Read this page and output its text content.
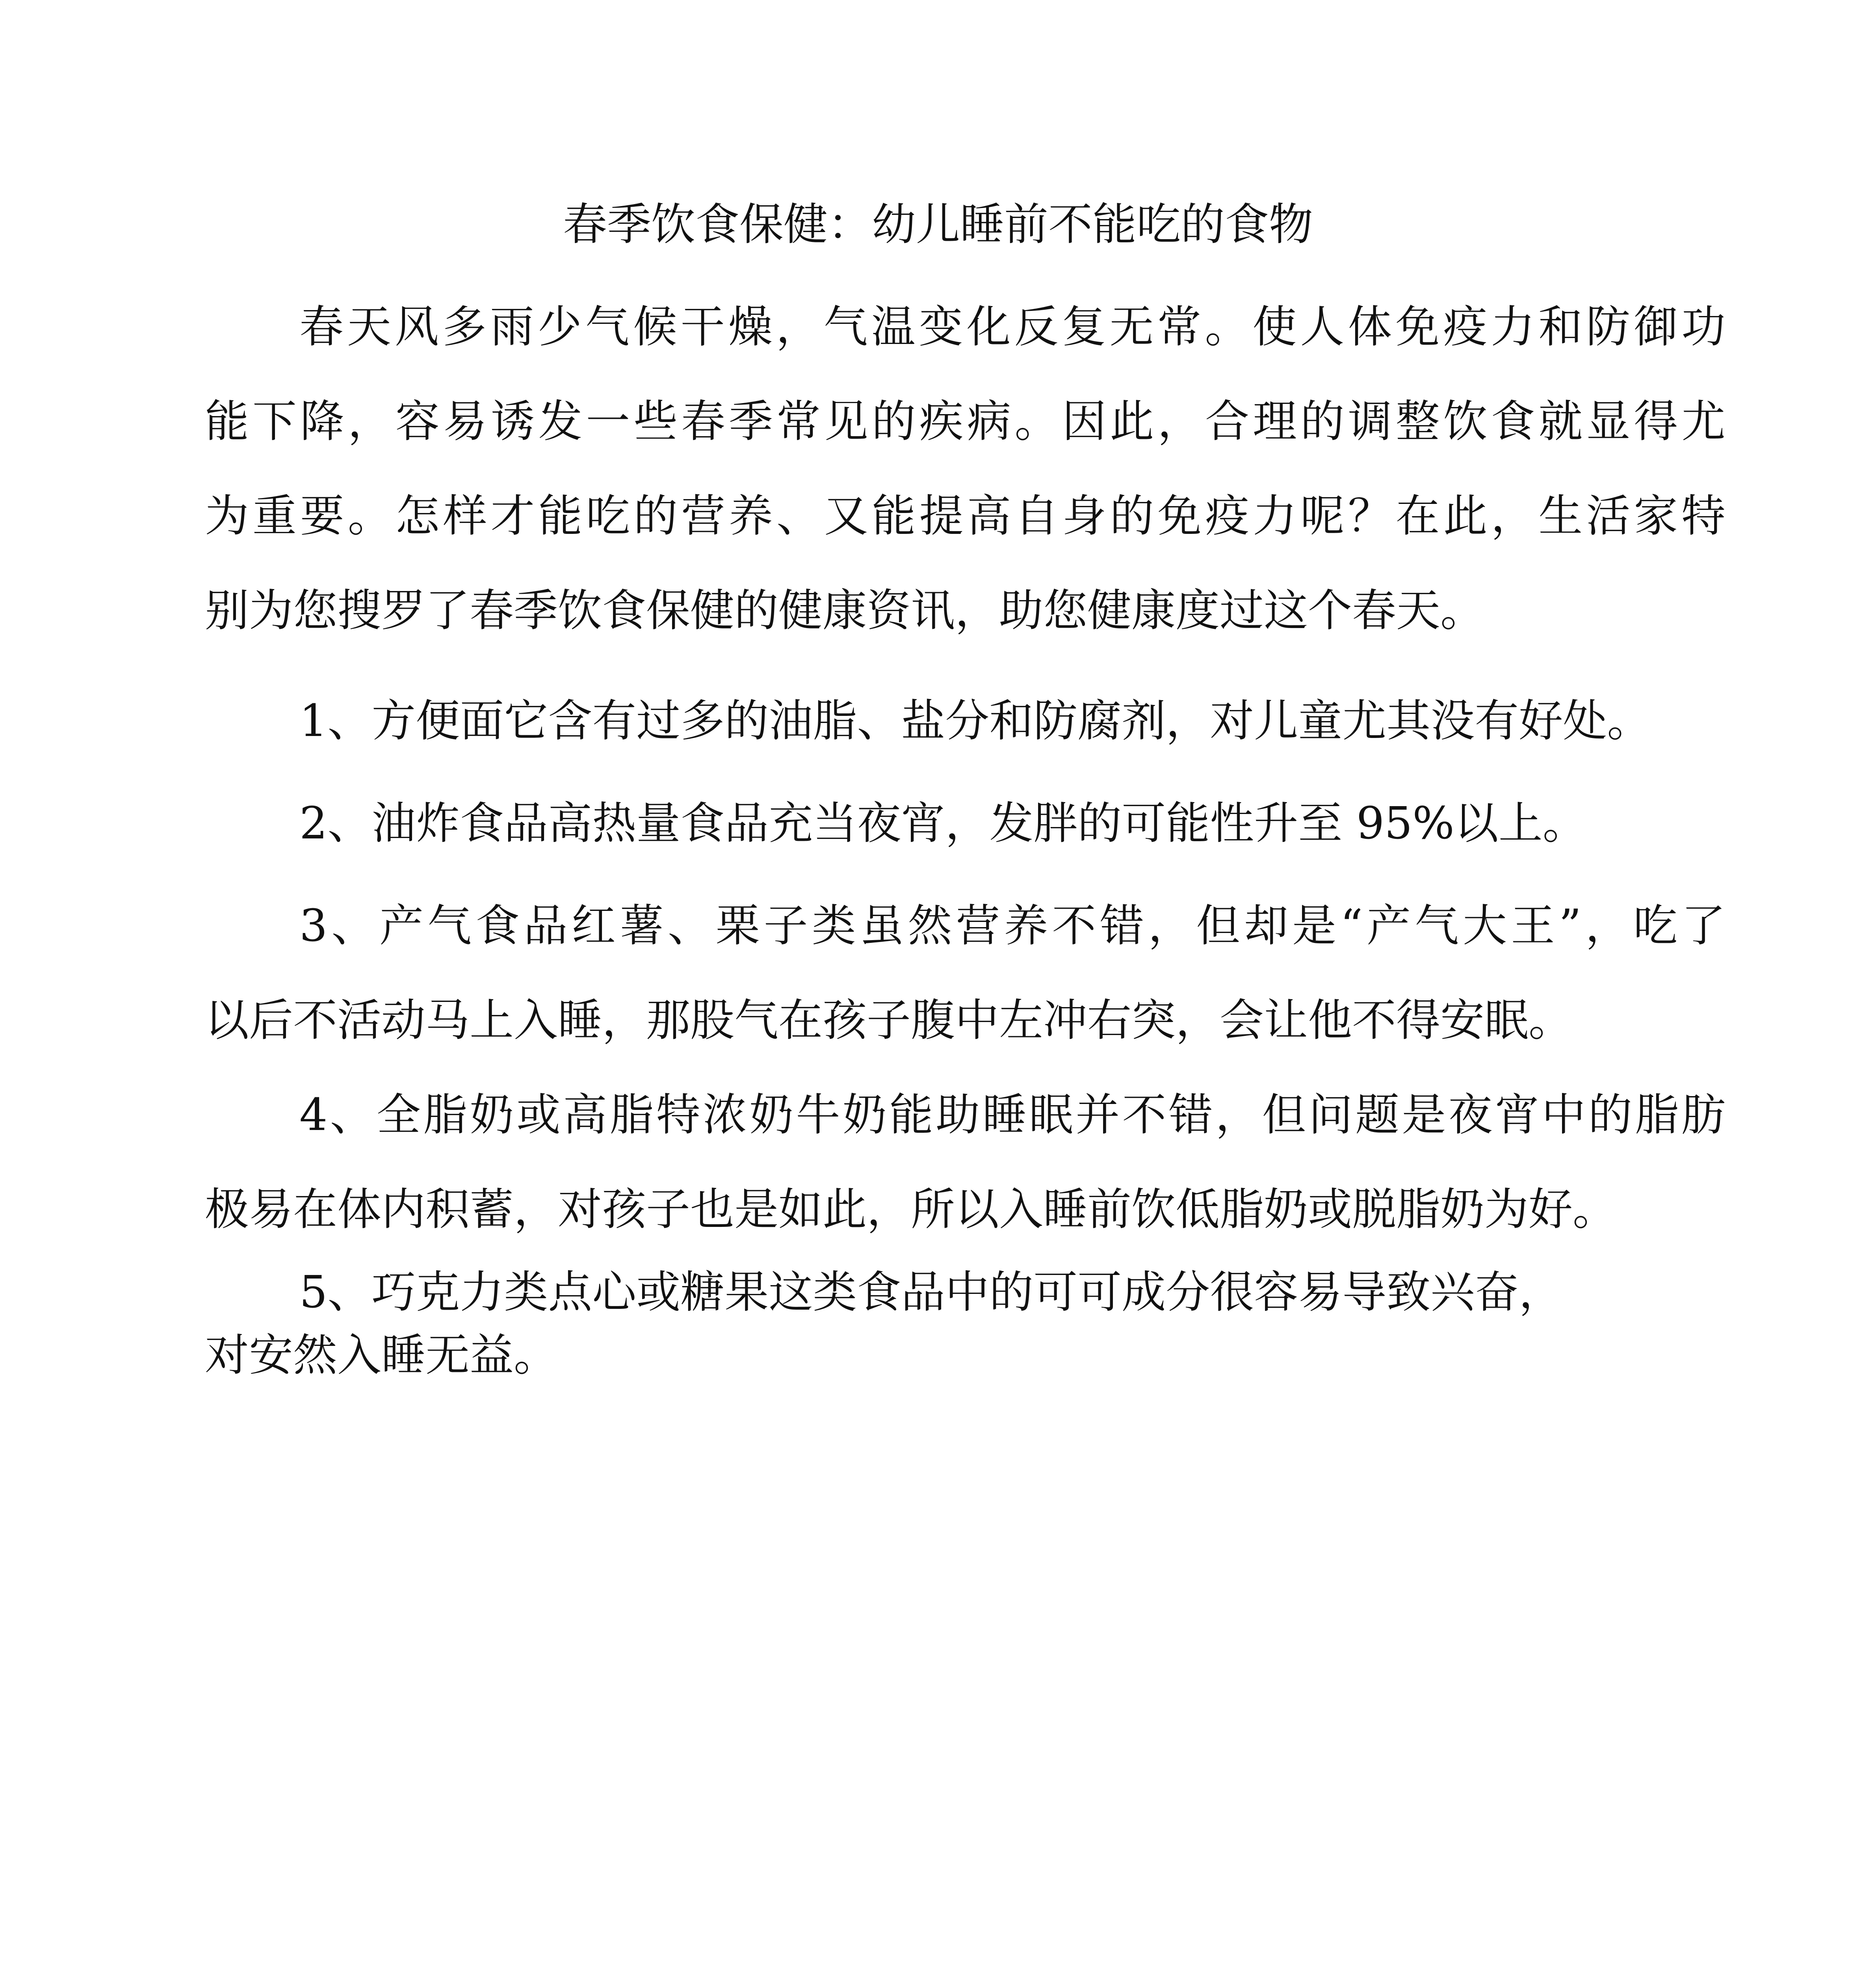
春季饮食保健：幼儿睡前不能吃的食物
春天风多雨少气候干燥，气温变化反复无常。使人体免疫力和防御功
能下降，容易诱发一些春季常见的疾病。因此，合理的调整饮食就显得尤
为重要。怎样才能吃的营养、又能提高自身的免疫力呢？在此，生活家特
别为您搜罗了春季饮食保健的健康资讯，助您健康度过这个春天。
1、方便面它含有过多的油脂、盐分和防腐剂，对儿童尤其没有好处。
2、油炸食品高热量食品充当夜宵，发胖的可能性升至 95%以上。
3、产气食品红薯、栗子类虽然营养不错，但却是“产气大王”，吃了
以后不活动马上入睡，那股气在孩子腹中左冲右突，会让他不得安眠。
4、全脂奶或高脂特浓奶牛奶能助睡眠并不错，但问题是夜宵中的脂肪
极易在体内积蓄，对孩子也是如此，所以入睡前饮低脂奶或脱脂奶为好。
5、巧克力类点心或糖果这类食品中的可可成分很容易导致兴奋，
对安然入睡无益。
